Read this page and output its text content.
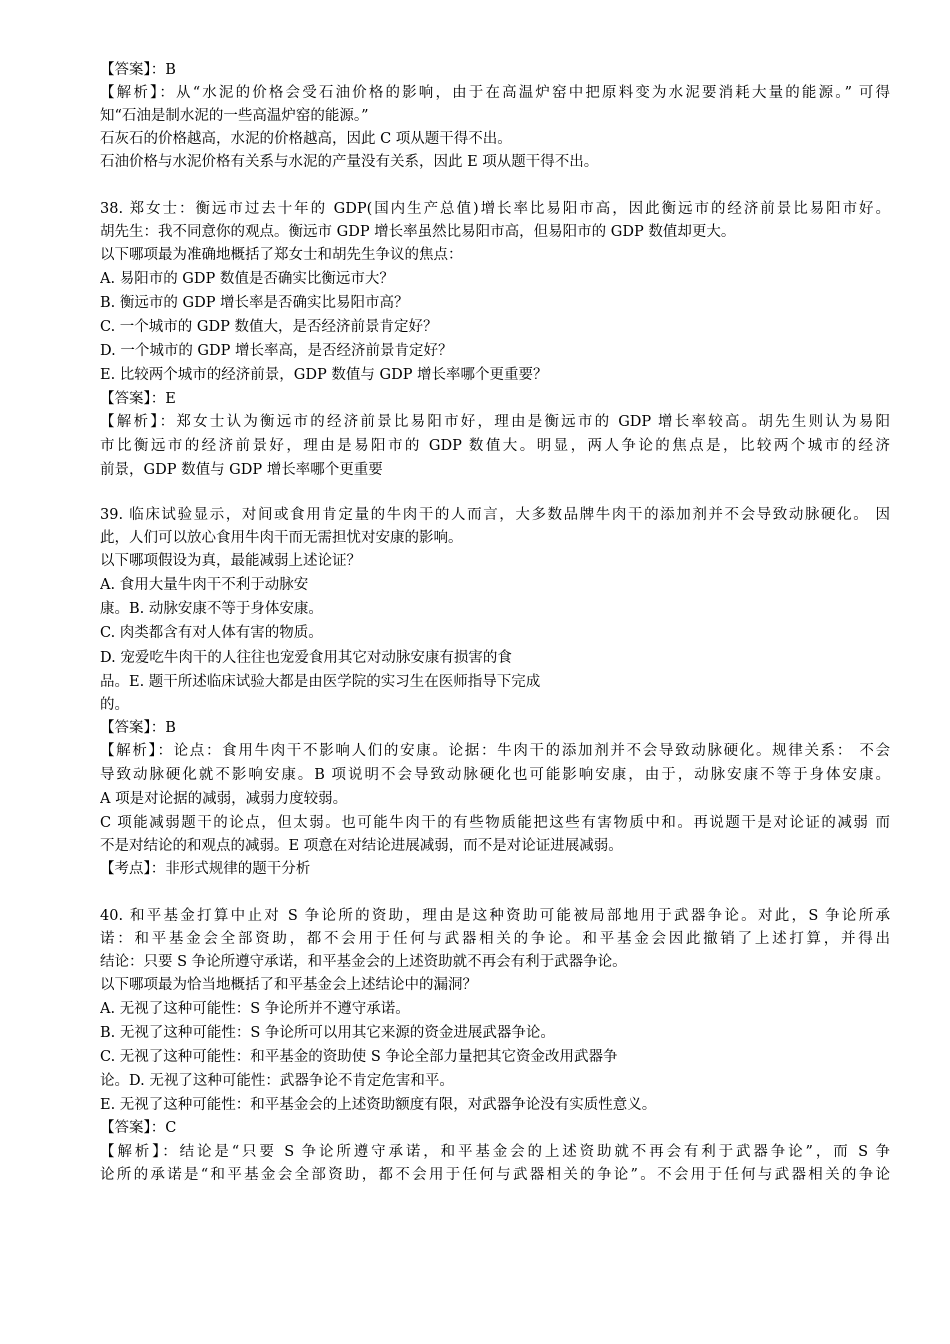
【答案】：B
【解析】：从“水泥的价格会受石油价格的影响，由于在高温炉窑中把原料变为水泥要消耗大量的能源。” 可得
知“石油是制水泥的一些高温炉窑的能源。”
石灰石的价格越高，水泥的价格越高，因此 C 项从题干得不出。
石油价格与水泥价格有关系与水泥的产量没有关系，因此 E 项从题干得不出。
38. 郑女士：衡远市过去十年的 GDP(国内生产总值)增长率比易阳市高，因此衡远市的经济前景比易阳市好。
胡先生：我不同意你的观点。衡远市 GDP 增长率虽然比易阳市高，但易阳市的 GDP 数值却更大。
以下哪项最为准确地概括了郑女士和胡先生争议的焦点：
A. 易阳市的 GDP 数值是否确实比衡远市大？
B. 衡远市的 GDP 增长率是否确实比易阳市高？
C. 一个城市的 GDP 数值大，是否经济前景肯定好？
D. 一个城市的 GDP 增长率高，是否经济前景肯定好？
E. 比较两个城市的经济前景，GDP 数值与 GDP 增长率哪个更重要？
【答案】：E
【解析】：郑女士认为衡远市的经济前景比易阳市好，理由是衡远市的 GDP 增长率较高。胡先生则认为易阳
市比衡远市的经济前景好，理由是易阳市的 GDP 数值大。明显，两人争论的焦点是，比较两个城市的经济
前景，GDP 数值与 GDP 增长率哪个更重要
39. 临床试验显示，对间或食用肯定量的牛肉干的人而言，大多数品牌牛肉干的添加剂并不会导致动脉硬化。 因
此，人们可以放心食用牛肉干而无需担忧对安康的影响。
以下哪项假设为真，最能减弱上述论证？
A. 食用大量牛肉干不利于动脉安
康。B. 动脉安康不等于身体安康。
C. 肉类都含有对人体有害的物质。
D. 宠爱吃牛肉干的人往往也宠爱食用其它对动脉安康有损害的食
品。E. 题干所述临床试验大都是由医学院的实习生在医师指导下完成
的。
【答案】：B
【解析】：论点：食用牛肉干不影响人们的安康。论据：牛肉干的添加剂并不会导致动脉硬化。规律关系： 不会
导致动脉硬化就不影响安康。B 项说明不会导致动脉硬化也可能影响安康，由于，动脉安康不等于身体安康。
A 项是对论据的减弱，减弱力度较弱。
C 项能减弱题干的论点，但太弱。也可能牛肉干的有些物质能把这些有害物质中和。再说题干是对论证的减弱 而
不是对结论的和观点的减弱。E 项意在对结论进展减弱，而不是对论证进展减弱。
【考点】：非形式规律的题干分析
40. 和平基金打算中止对 S 争论所的资助，理由是这种资助可能被局部地用于武器争论。对此，S 争论所承
诺：和平基金会全部资助，都不会用于任何与武器相关的争论。和平基金会因此撤销了上述打算，并得出
结论：只要 S 争论所遵守承诺，和平基金会的上述资助就不再会有利于武器争论。
以下哪项最为恰当地概括了和平基金会上述结论中的漏洞？
A. 无视了这种可能性：S 争论所并不遵守承诺。
B. 无视了这种可能性：S 争论所可以用其它来源的资金进展武器争论。
C. 无视了这种可能性：和平基金的资助使 S 争论全部力量把其它资金改用武器争
论。D. 无视了这种可能性：武器争论不肯定危害和平。
E. 无视了这种可能性：和平基金会的上述资助额度有限，对武器争论没有实质性意义。
【答案】：C
【解析】：结论是“只要 S 争论所遵守承诺，和平基金会的上述资助就不再会有利于武器争论”，而 S 争
论所的承诺是“和平基金会全部资助，都不会用于任何与武器相关的争论”。不会用于任何与武器相关的争论
